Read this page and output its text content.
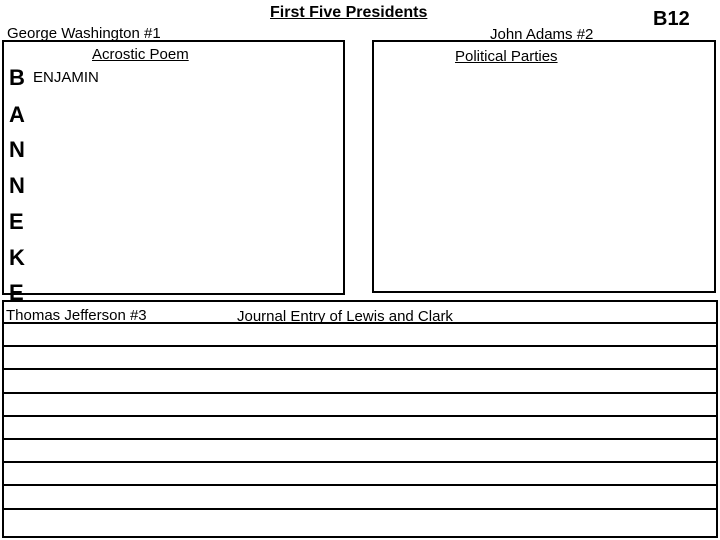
First Five Presidents	B12
George Washington #1
Acrostic Poem
B ENJAMIN
A
N
N
E
K
E
John Adams #2
Political Parties
Thomas Jefferson #3	Journal Entry of Lewis and Clark
